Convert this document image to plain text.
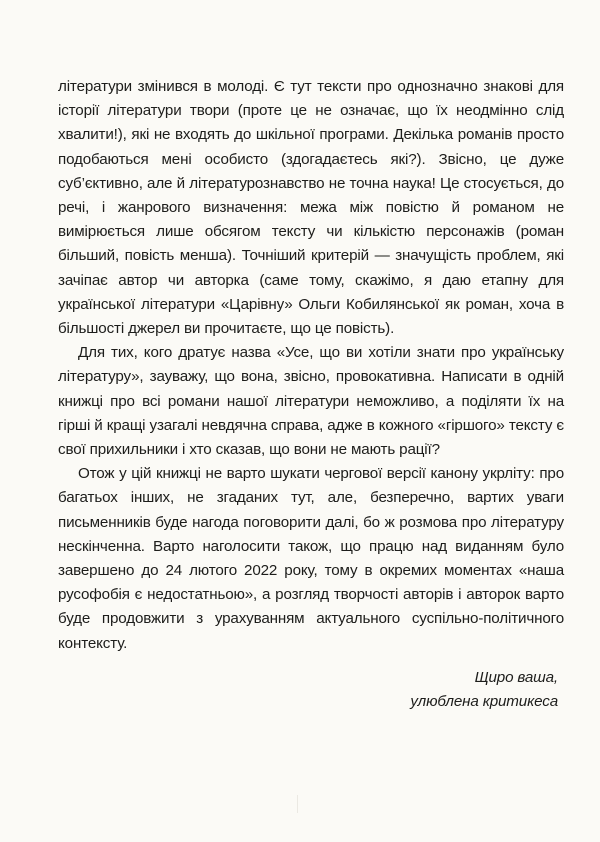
літератури змінився в молоді. Є тут тексти про однозначно знакові для історії літератури твори (проте це не означає, що їх неодмінно слід хвалити!), які не входять до шкільної програми. Декілька романів просто подобаються мені особисто (здогадаєтесь які?). Звісно, це дуже суб’єктивно, але й літературознавство не точна наука! Це стосується, до речі, і жанрового визначення: межа між повістю й романом не вимірюється лише обсягом тексту чи кількістю персонажів (роман більший, повість менша). Точніший критерій — значущість проблем, які зачіпає автор чи авторка (саме тому, скажімо, я даю етапну для української літератури «Царівну» Ольги Кобилянської як роман, хоча в більшості джерел ви прочитаєте, що це повість).

Для тих, кого дратує назва «Усе, що ви хотіли знати про українську літературу», зауважу, що вона, звісно, провокативна. Написати в одній книжці про всі романи нашої літератури неможливо, а поділяти їх на гірші й кращі узагалі невдячна справа, адже в кожного «гіршого» тексту є свої прихильники і хто сказав, що вони не мають рації?

Отож у цій книжці не варто шукати чергової версії канону укрліту: про багатьох інших, не згаданих тут, але, безперечно, вартих уваги письменників буде нагода поговорити далі, бо ж розмова про літературу нескінченна. Варто наголосити також, що працю над виданням було завершено до 24 лютого 2022 року, тому в окремих моментах «наша русофобія є недостатньою», а розгляд творчості авторів і авторок варто буде продовжити з урахуванням актуального суспільно-політичного контексту.

Щиро ваша,
улюблена критикеса
